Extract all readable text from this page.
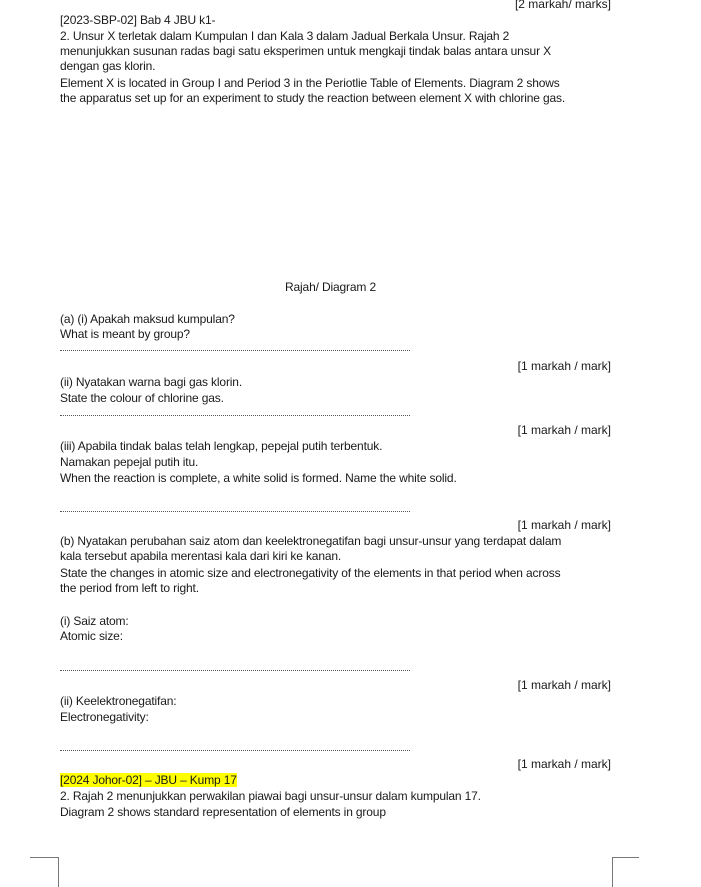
[2 markah/ marks]
[2023-SBP-02] Bab 4 JBU k1-
2. Unsur X terletak dalam Kumpulan I dan Kala 3 dalam Jadual Berkala Unsur. Rajah 2
menunjukkan susunan radas bagi satu eksperimen untuk mengkaji tindak balas antara unsur X
dengan gas klorin.
Element X is located in Group I and Period 3 in the Periotlie Table of Elements. Diagram 2 shows
the apparatus set up for an experiment to study the reaction between element X with chlorine gas.
Rajah/ Diagram 2
(a) (i) Apakah maksud kumpulan?
What is meant by group?
[1 markah / mark]
(ii) Nyatakan warna bagi gas klorin.
State the colour of chlorine gas.
[1 markah / mark]
(iii) Apabila tindak balas telah lengkap, pepejal putih terbentuk.
Namakan pepejal putih itu.
When the reaction is complete, a white solid is formed. Name the white solid.
[1 markah / mark]
(b) Nyatakan perubahan saiz atom dan keelektronegatifan bagi unsur-unsur yang terdapat dalam
kala tersebut apabila merentasi kala dari kiri ke kanan.
State the changes in atomic size and electronegativity of the elements in that period when across
the period from left to right.
(i) Saiz atom:
Atomic size:
[1 markah / mark]
(ii) Keelektronegatifan:
Electronegativity:
[1 markah / mark]
[2024 Johor-02] – JBU – Kump 17
2. Rajah 2 menunjukkan perwakilan piawai bagi unsur-unsur dalam kumpulan 17.
Diagram 2 shows standard representation of elements in group
